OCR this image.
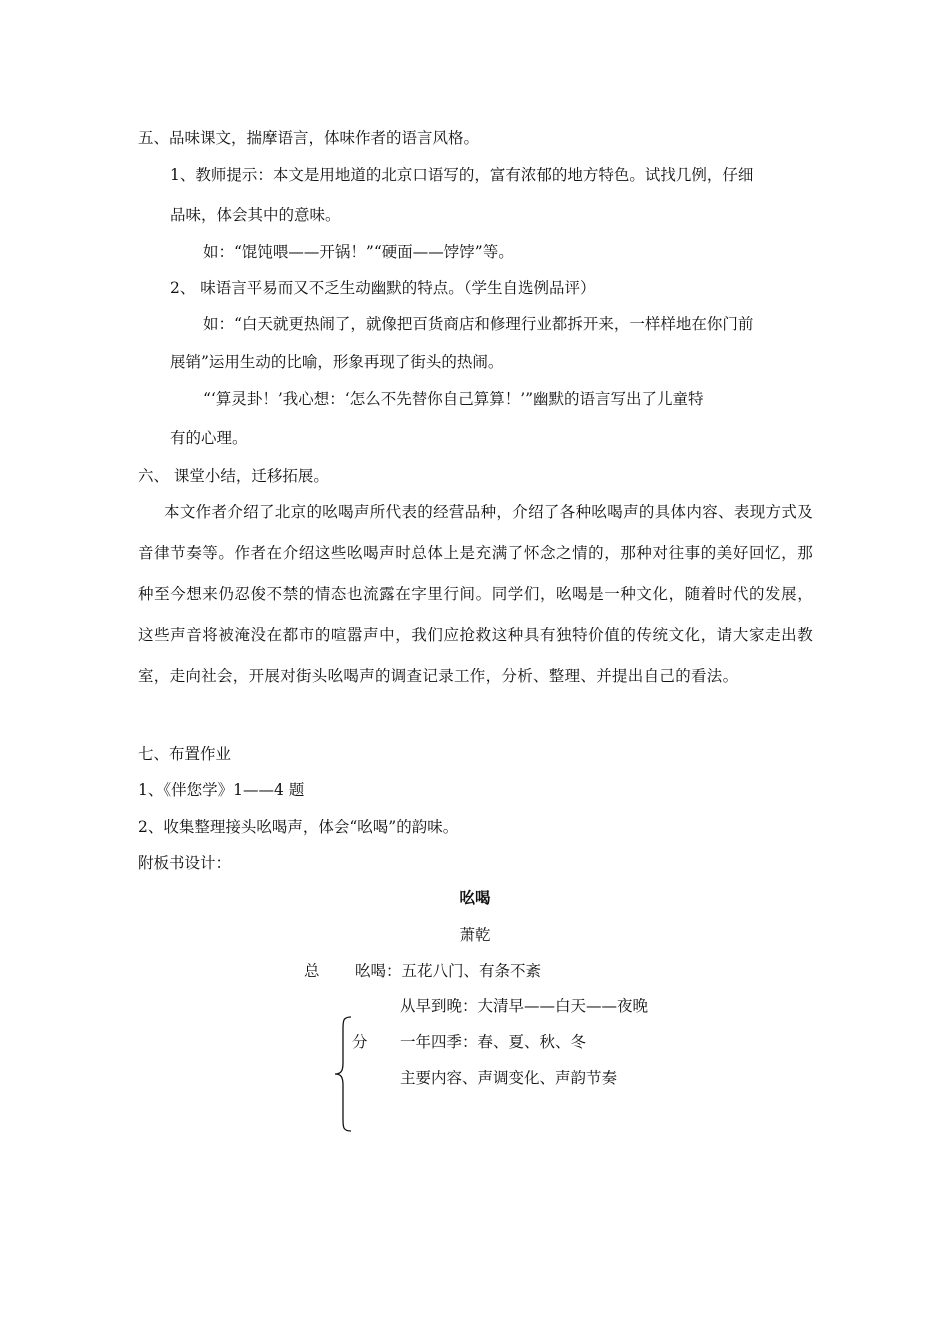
五、品味课文，揣摩语言，体味作者的语言风格。
1、教师提示：本文是用地道的北京口语写的，富有浓郁的地方特色。试找几例，仔细
品味，体会其中的意味。
如：“馄饨喂——开锅！”“硬面——饽饽”等。
2、 味语言平易而又不乏生动幽默的特点。（学生自选例品评）
如：“白天就更热闹了，就像把百货商店和修理行业都拆开来，一样样地在你门前
展销”运用生动的比喻，形象再现了街头的热闹。
“‘算灵卦！’我心想：‘怎么不先替你自己算算！’”幽默的语言写出了儿童特
有的心理。
六、 课堂小结，迁移拓展。
本文作者介绍了北京的吆喝声所代表的经营品种，介绍了各种吆喝声的具体内容、表现方式及音律节奏等。作者在介绍这些吆喝声时总体上是充满了怀念之情的，那种对往事的美好回忆，那种至今想来仍忍俊不禁的情态也流露在字里行间。同学们，吆喝是一种文化，随着时代的发展，这些声音将被淹没在都市的喧嚣声中，我们应抢救这种具有独特价值的传统文化，请大家走出教室，走向社会，开展对街头吆喝声的调查记录工作，分析、整理、并提出自己的看法。
七、布置作业
1、《伴您学》1——4 题
2、收集整理接头吆喝声，体会“吆喝”的韵味。
附板书设计：
吆喝
萧乾
总 吆喝：五花八门、有条不紊
从早到晚：大清早——白天——夜晚
分 一年四季：春、夏、秋、冬
主要内容、声调变化、声韵节奏
